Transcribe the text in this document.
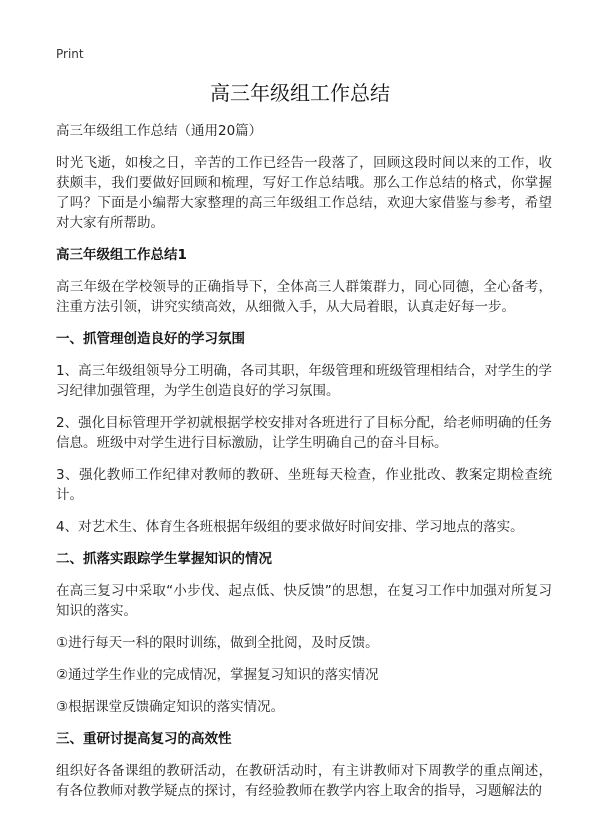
Print
高三年级组工作总结
高三年级组工作总结（通用20篇）

时光飞逝，如梭之日，辛苦的工作已经告一段落了，回顾这段时间以来的工作，收获颇丰，我们要做好回顾和梳理，写好工作总结哦。那么工作总结的格式，你掌握了吗？下面是小编帮大家整理的高三年级组工作总结，欢迎大家借鉴与参考，希望对大家有所帮助。

高三年级组工作总结1

高三年级在学校领导的正确指导下，全体高三人群策群力，同心同德，全心备考，注重方法引领，讲究实绩高效，从细微入手，从大局着眼，认真走好每一步。

一、抓管理创造良好的学习氛围

1、高三年级组领导分工明确，各司其职，年级管理和班级管理相结合，对学生的学习纪律加强管理，为学生创造良好的学习氛围。

2、强化目标管理开学初就根据学校安排对各班进行了目标分配，给老师明确的任务信息。班级中对学生进行目标激励，让学生明确自己的奋斗目标。

3、强化教师工作纪律对教师的教研、坐班每天检查，作业批改、教案定期检查统计。

4、对艺术生、体育生各班根据年级组的要求做好时间安排、学习地点的落实。

二、抓落实跟踪学生掌握知识的情况

在高三复习中采取“小步伐、起点低、快反馈”的思想，在复习工作中加强对所复习知识的落实。

①进行每天一科的限时训练，做到全批阅，及时反馈。

②通过学生作业的完成情况，掌握复习知识的落实情况

③根据课堂反馈确定知识的落实情况。

三、重研讨提高复习的高效性

组织好各备课组的教研活动，在教研活动时，有主讲教师对下周教学的重点阐述，有各位教师对教学疑点的探讨，有经验教师在教学内容上取舍的指导，习题解法的
